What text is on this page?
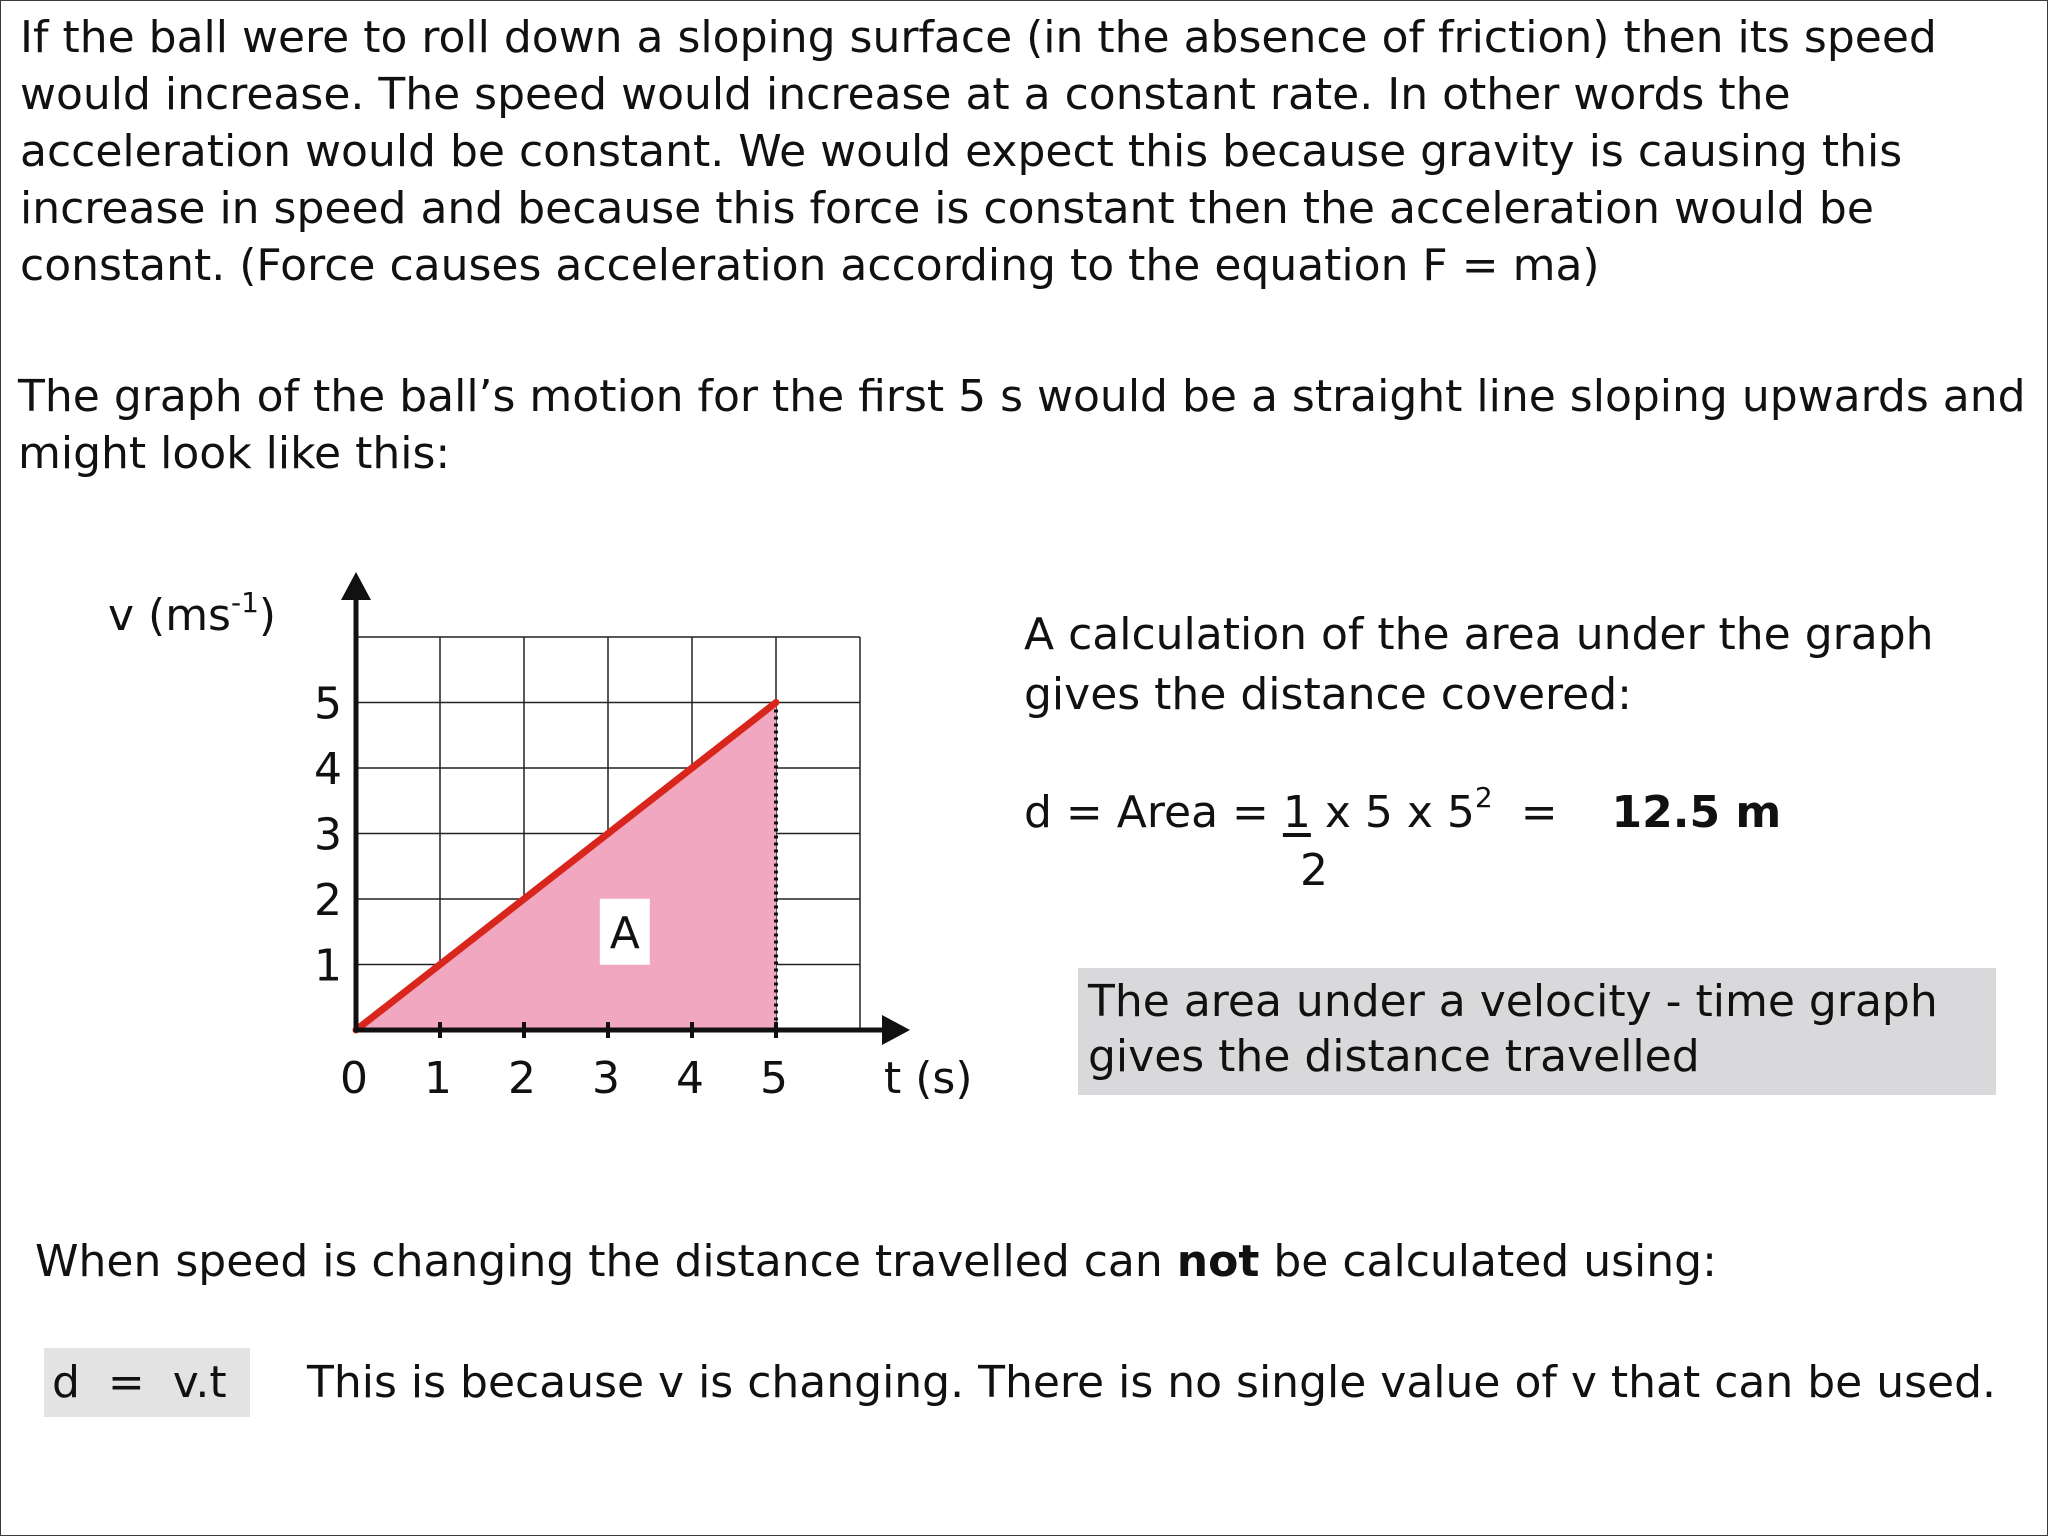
If the ball were to roll down a sloping surface (in the absence of friction) then its speed would increase. The speed would increase at a constant rate. In other words the acceleration would be constant. We would expect this because gravity is causing this increase in speed and because this force is constant then the acceleration would be constant. (Force causes acceleration according to the equation F = ma)

The graph of the ball’s motion for the first 5 s would be a straight line sloping upwards and might look like this:

A
0 1 2 3 4 5
1
2
3
4
5
v $(ms^{-1})$
t (s)

A calculation of the area under the graph gives the distance covered:

d = Area = 1 x 5 x $5^2 = 12.5$ m
2
The area under a velocity - time graph gives the distance travelled
When speed is changing the distance travelled can not be calculated using:
d  =  v.t	This is because v is changing. There is no single value of v that can be used.
